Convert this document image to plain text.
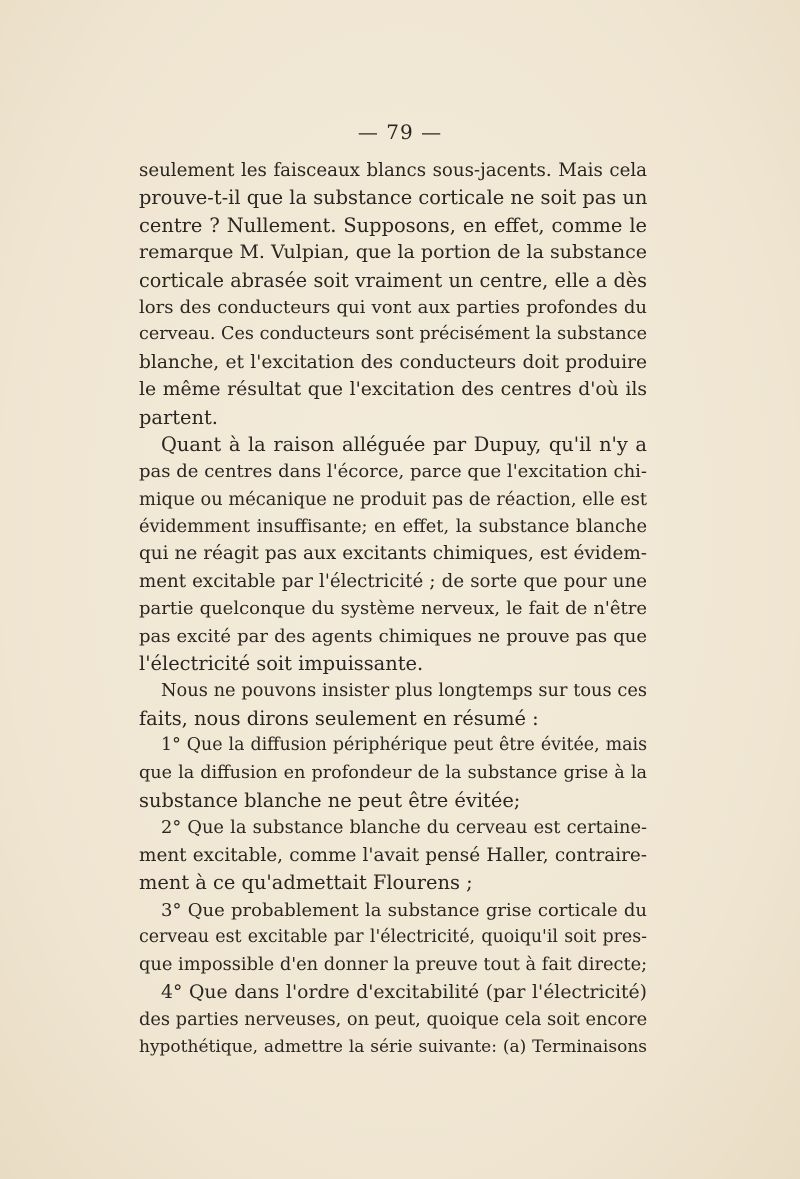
— 79 —
seulement les faisceaux blancs sous-jacents. Mais cela
prouve-t-il que la substance corticale ne soit pas un
centre ? Nullement. Supposons, en effet, comme le
remarque M. Vulpian, que la portion de la substance
corticale abrasée soit vraiment un centre, elle a dès
lors des conducteurs qui vont aux parties profondes du
cerveau. Ces conducteurs sont précisément la substance
blanche, et l'excitation des conducteurs doit produire
le même résultat que l'excitation des centres d'où ils
partent.
Quant à la raison alléguée par Dupuy, qu'il n'y a
pas de centres dans l'écorce, parce que l'excitation chi-
mique ou mécanique ne produit pas de réaction, elle est
évidemment insuffisante; en effet, la substance blanche
qui ne réagit pas aux excitants chimiques, est évidem-
ment excitable par l'électricité ; de sorte que pour une
partie quelconque du système nerveux, le fait de n'être
pas excité par des agents chimiques ne prouve pas que
l'électricité soit impuissante.
Nous ne pouvons insister plus longtemps sur tous ces
faits, nous dirons seulement en résumé :
1° Que la diffusion périphérique peut être évitée, mais
que la diffusion en profondeur de la substance grise à la
substance blanche ne peut être évitée;
2° Que la substance blanche du cerveau est certaine-
ment excitable, comme l'avait pensé Haller, contraire-
ment à ce qu'admettait Flourens ;
3° Que probablement la substance grise corticale du
cerveau est excitable par l'électricité, quoiqu'il soit pres-
que impossible d'en donner la preuve tout à fait directe;
4° Que dans l'ordre d'excitabilité (par l'électricité)
des parties nerveuses, on peut, quoique cela soit encore
hypothétique, admettre la série suivante: (a) Terminaisons
